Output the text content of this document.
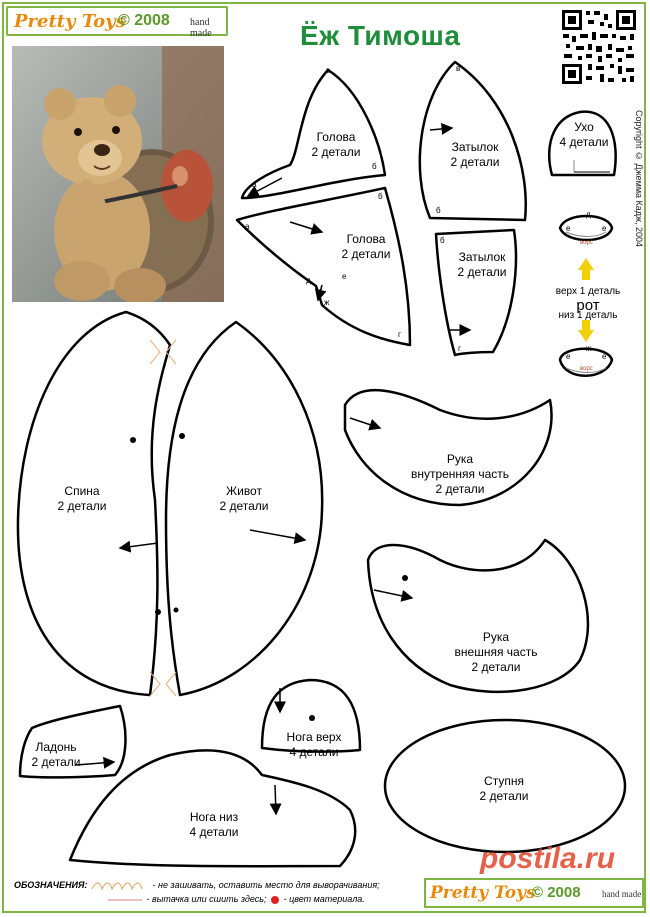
Pretty Toys
© 2008 hand made	Ёж Тимоша
Copyright © Джемма Кадж, 2004
Голова
2 детали
Голова
2 детали
Затылок
2 детали
Затылок
2 детали
Ухо
4 детали
верх 1 деталь
рот
низ 1 деталь
Спина
2 детали
Живот
2 детали
Рука
внутренняя часть
2 детали
Рука
внешняя часть
2 детали
Ладонь
2 детали
Нога верх
4 детали
Нога низ
4 детали
Ступня
2 детали
в
б
а
а
б
д	е
ж
г
в
б
б
г
д
е	е
ворс
ж
е	е
ворс
postila.ru
ОБОЗНАЧЕНИЯ:	- не зашивать, оставить место для выворачивания;
- вытачка или сшить здесь; - цвет материала.	Pretty Toys
© 2008 hand made
